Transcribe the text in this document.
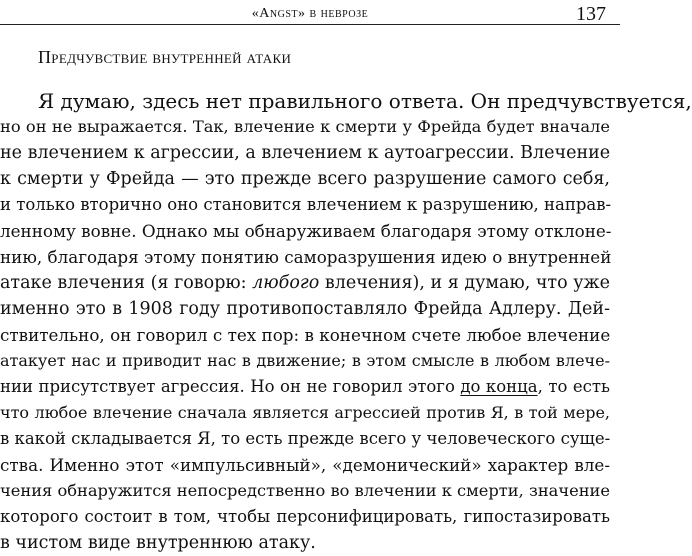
«Angst» в неврозе	137
Предчувствие внутренней атаки
Я думаю, здесь нет правильного ответа. Он предчувствуется,
но он не выражается. Так, влечение к смерти у Фрейда будет вначале
не влечением к агрессии, а влечением к аутоагрессии. Влечение
к смерти у Фрейда — это прежде всего разрушение самого себя,
и только вторично оно становится влечением к разрушению, направ-
ленному вовне. Однако мы обнаруживаем благодаря этому отклоне-
нию, благодаря этому понятию саморазрушения идею о внутренней
атаке влечения (я говорю: любого влечения), и я думаю, что уже
именно это в 1908 году противопоставляло Фрейда Адлеру. Дей-
ствительно, он говорил с тех пор: в конечном счете любое влечение
атакует нас и приводит нас в движение; в этом смысле в любом влече-
нии присутствует агрессия. Но он не говорил этого до конца, то есть
что любое влечение сначала является агрессией против Я, в той мере,
в какой складывается Я, то есть прежде всего у человеческого суще-
ства. Именно этот «импульсивный», «демонический» характер вле-
чения обнаружится непосредственно во влечении к смерти, значение
которого состоит в том, чтобы персонифицировать, гипостазировать
в чистом виде внутреннюю атаку.
